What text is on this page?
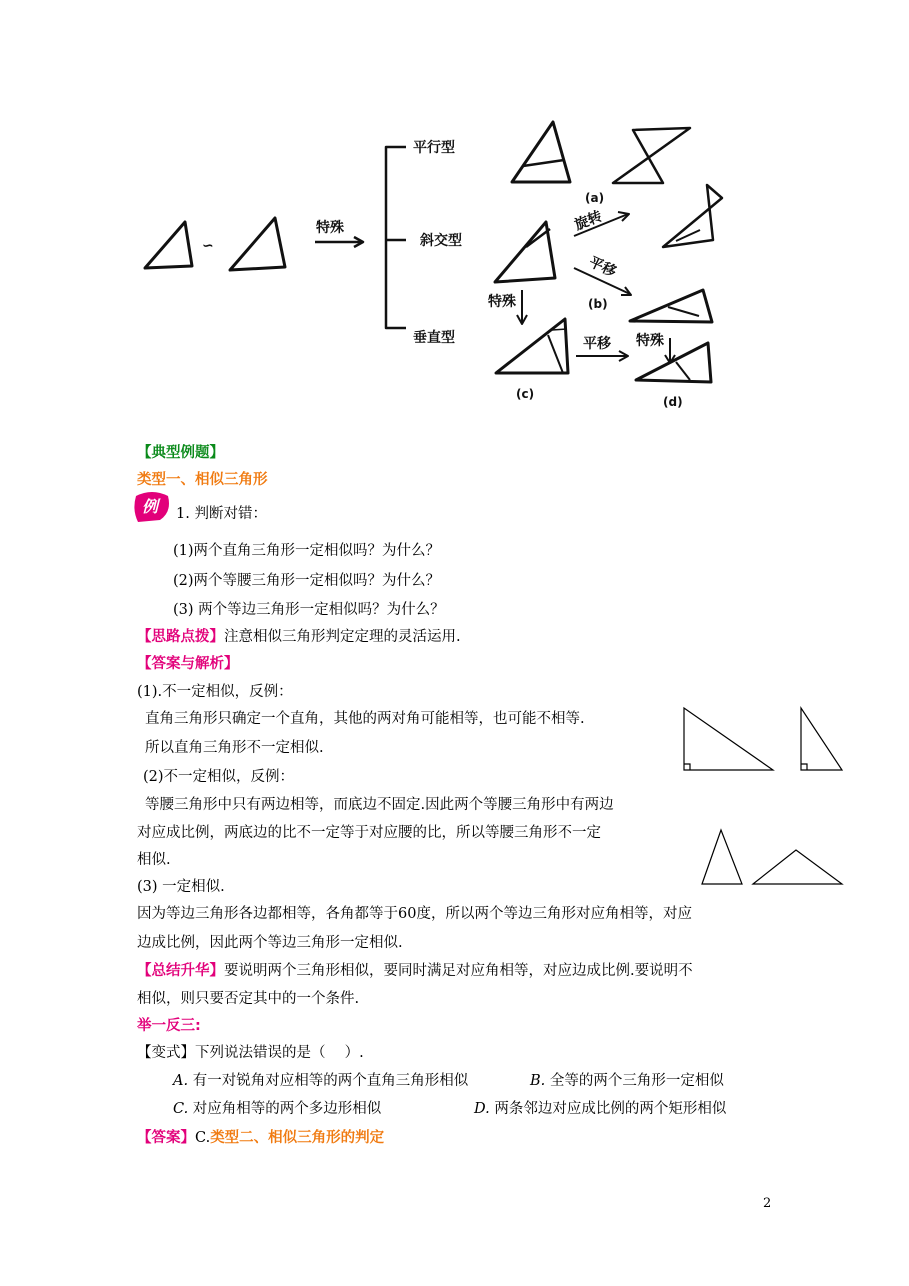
∽
特殊
平行型
斜交型
垂直型
(a)
旋转
平移
(b)
特殊
平移 特殊
(c)
(d)
【典型例题】
类型一、相似三角形
例 1. 判断对错：
(1)两个直角三角形一定相似吗？为什么？
(2)两个等腰三角形一定相似吗？为什么？
(3) 两个等边三角形一定相似吗？为什么？
【思路点拨】注意相似三角形判定定理的灵活运用.
【答案与解析】
(1).不一定相似，反例：
直角三角形只确定一个直角，其他的两对角可能相等，也可能不相等.
所以直角三角形不一定相似.
(2)不一定相似，反例：
等腰三角形中只有两边相等，而底边不固定.因此两个等腰三角形中有两边
对应成比例，两底边的比不一定等于对应腰的比，所以等腰三角形不一定
相似.
(3) 一定相似.
因为等边三角形各边都相等，各角都等于60度，所以两个等边三角形对应角相等，对应
边成比例，因此两个等边三角形一定相似.
【总结升华】要说明两个三角形相似，要同时满足对应角相等，对应边成比例.要说明不
相似，则只要否定其中的一个条件.
举一反三:
【变式】下列说法错误的是（　 ）.
A. 有一对锐角对应相等的两个直角三角形相似	B. 全等的两个三角形一定相似
C. 对应角相等的两个多边形相似	D. 两条邻边对应成比例的两个矩形相似
【答案】C.类型二、相似三角形的判定
2
